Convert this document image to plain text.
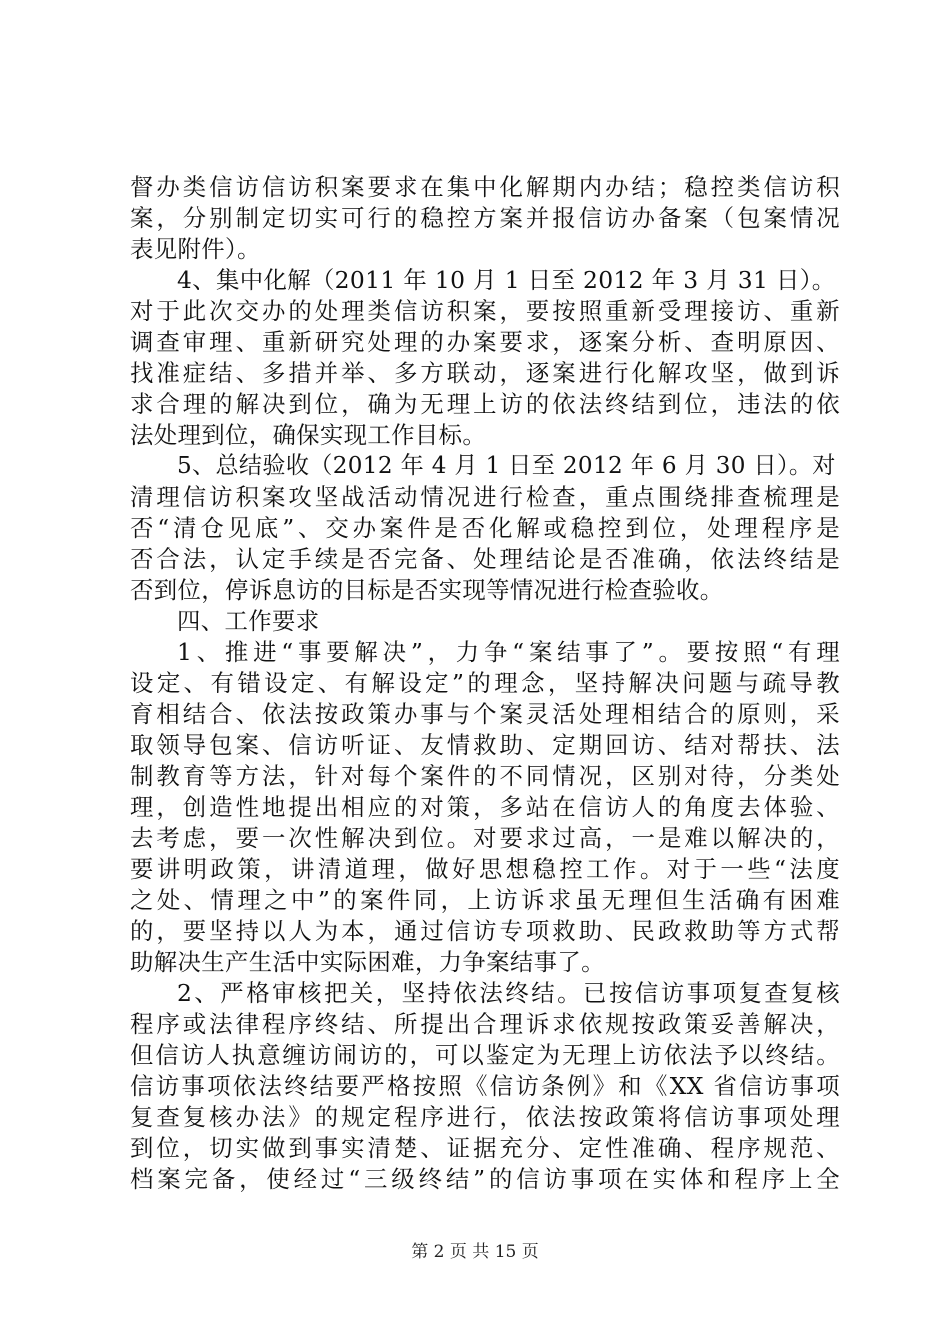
督办类信访信访积案要求在集中化解期内办结；稳控类信访积
案，分别制定切实可行的稳控方案并报信访办备案（包案情况
表见附件）。
4、集中化解（2011 年 10 月 1 日至 2012 年 3 月 31 日）。
对于此次交办的处理类信访积案，要按照重新受理接访、重新
调查审理、重新研究处理的办案要求，逐案分析、查明原因、
找准症结、多措并举、多方联动，逐案进行化解攻坚，做到诉
求合理的解决到位，确为无理上访的依法终结到位，违法的依
法处理到位，确保实现工作目标。
5、总结验收（2012 年 4 月 1 日至 2012 年 6 月 30 日）。对
清理信访积案攻坚战活动情况进行检查，重点围绕排查梳理是
否“清仓见底”、交办案件是否化解或稳控到位，处理程序是
否合法，认定手续是否完备、处理结论是否准确，依法终结是
否到位，停诉息访的目标是否实现等情况进行检查验收。
四、工作要求
1、推进“事要解决”，力争“案结事了”。要按照“有理
设定、有错设定、有解设定”的理念，坚持解决问题与疏导教
育相结合、依法按政策办事与个案灵活处理相结合的原则，采
取领导包案、信访听证、友情救助、定期回访、结对帮扶、法
制教育等方法，针对每个案件的不同情况，区别对待，分类处
理，创造性地提出相应的对策，多站在信访人的角度去体验、
去考虑，要一次性解决到位。对要求过高，一是难以解决的，
要讲明政策，讲清道理，做好思想稳控工作。对于一些“法度
之处、情理之中”的案件同，上访诉求虽无理但生活确有困难
的，要坚持以人为本，通过信访专项救助、民政救助等方式帮
助解决生产生活中实际困难，力争案结事了。
2、严格审核把关，坚持依法终结。已按信访事项复查复核
程序或法律程序终结、所提出合理诉求依规按政策妥善解决，
但信访人执意缠访闹访的，可以鉴定为无理上访依法予以终结。
信访事项依法终结要严格按照《信访条例》和《XX 省信访事项
复查复核办法》的规定程序进行，依法按政策将信访事项处理
到位，切实做到事实清楚、证据充分、定性准确、程序规范、
档案完备，使经过“三级终结”的信访事项在实体和程序上全
第 2 页 共 15 页
